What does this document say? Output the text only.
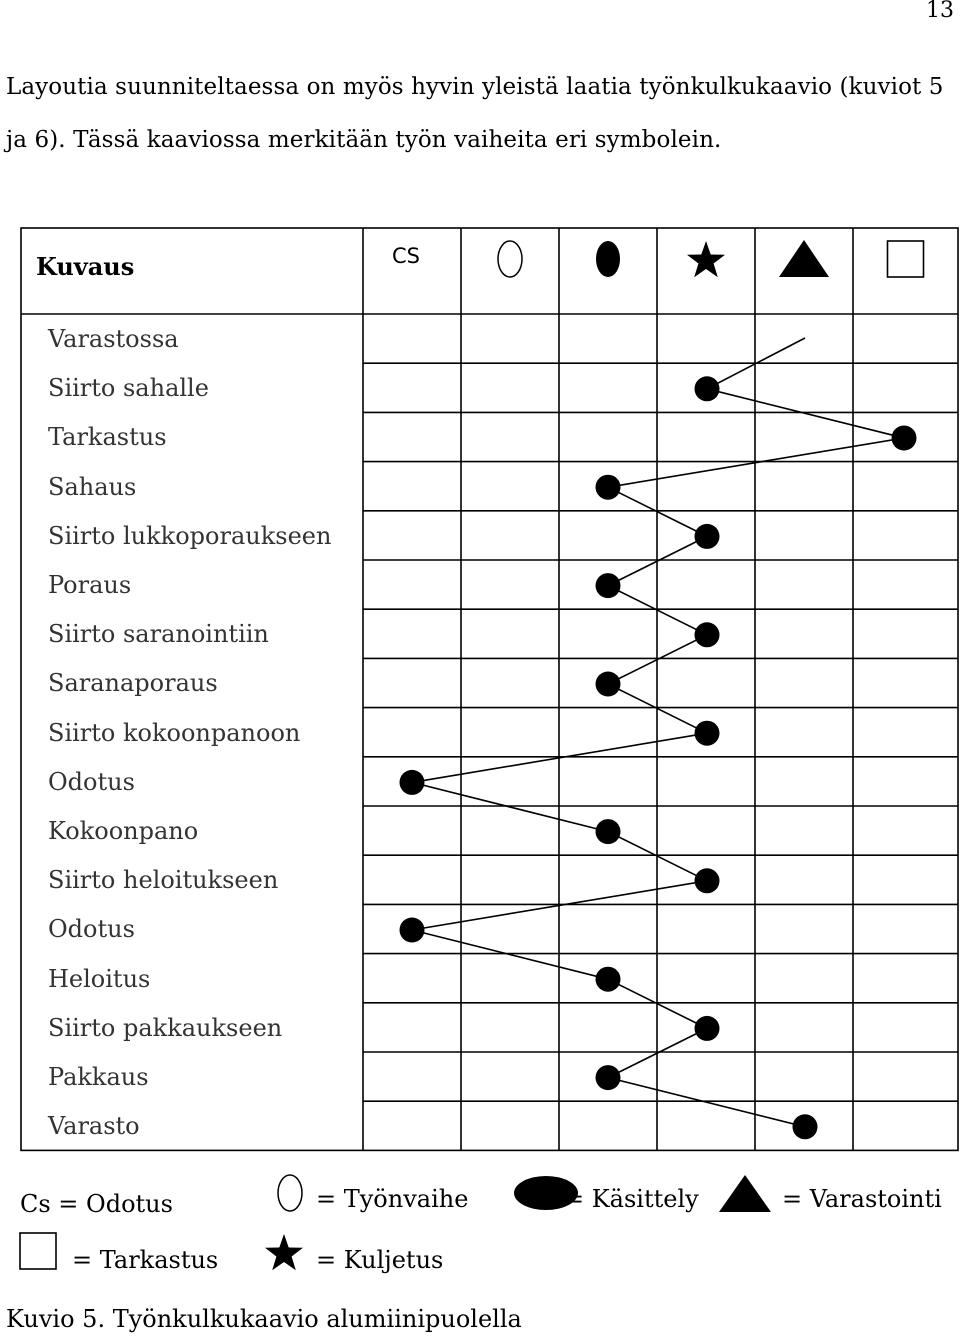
13
Layoutia suunniteltaessa on myös hyvin yleistä laatia työnkulkukaavio (kuviot 5
ja 6). Tässä kaaviossa merkitään työn vaiheita eri symbolein.
Kuvaus	CS
Varastossa
Siirto sahalle
Tarkastus
Sahaus
Siirto lukkoporaukseen
Poraus
Siirto saranointiin
Saranaporaus
Siirto kokoonpanoon
Odotus
Kokoonpano
Siirto heloitukseen
Odotus
Heloitus
Siirto pakkaukseen
Pakkaus
Varasto
Cs = Odotus	= Työnvaihe	= Käsittely	= Varastointi
= Tarkastus	= Kuljetus
Kuvio 5. Työnkulkukaavio alumiinipuolella
